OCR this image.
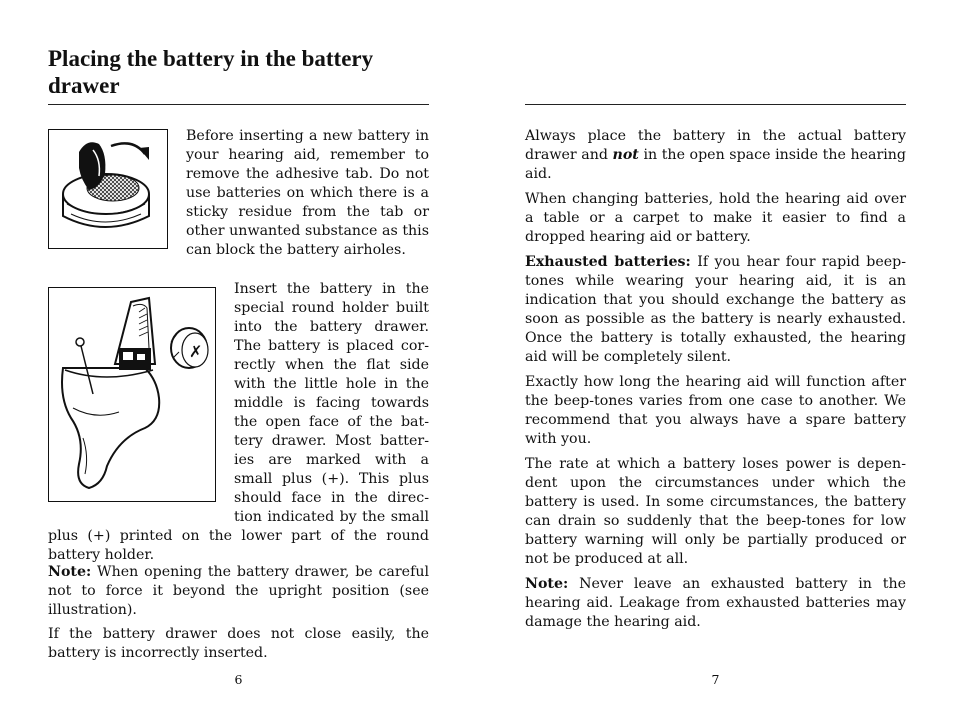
Placing the battery in the battery drawer

Before inserting a new battery in your hearing aid, remember to remove the adhesive tab. Do not use batteries on which there is a sticky residue from the tab or other unwanted substance as this can block the battery airholes.

✗

Insert the battery in the special round holder built into the battery drawer. The battery is placed correctly when the flat side with the little hole in the middle is facing towards the open face of the battery drawer. Most batteries are marked with a small plus (+). This plus should face in the direction indicated by the small plus (+) printed on the lower part of the round battery holder.

Note: When opening the battery drawer, be careful not to force it beyond the upright position (see illustration).

If the battery drawer does not close easily, the battery is incorrectly inserted.

6

Always place the battery in the actual battery drawer and not in the open space inside the hearing aid.

When changing batteries, hold the hearing aid over a table or a carpet to make it easier to find a dropped hearing aid or battery.

Exhausted batteries: If you hear four rapid beep-tones while wearing your hearing aid, it is an indication that you should exchange the battery as soon as possible as the battery is nearly exhausted. Once the battery is totally exhausted, the hearing aid will be completely silent.

Exactly how long the hearing aid will function after the beep-tones varies from one case to another. We recommend that you always have a spare battery with you.

The rate at which a battery loses power is dependent upon the circumstances under which the battery is used. In some circumstances, the battery can drain so suddenly that the beep-tones for low battery warning will only be partially produced or not be produced at all.

Note: Never leave an exhausted battery in the hearing aid. Leakage from exhausted batteries may damage the hearing aid.

7
